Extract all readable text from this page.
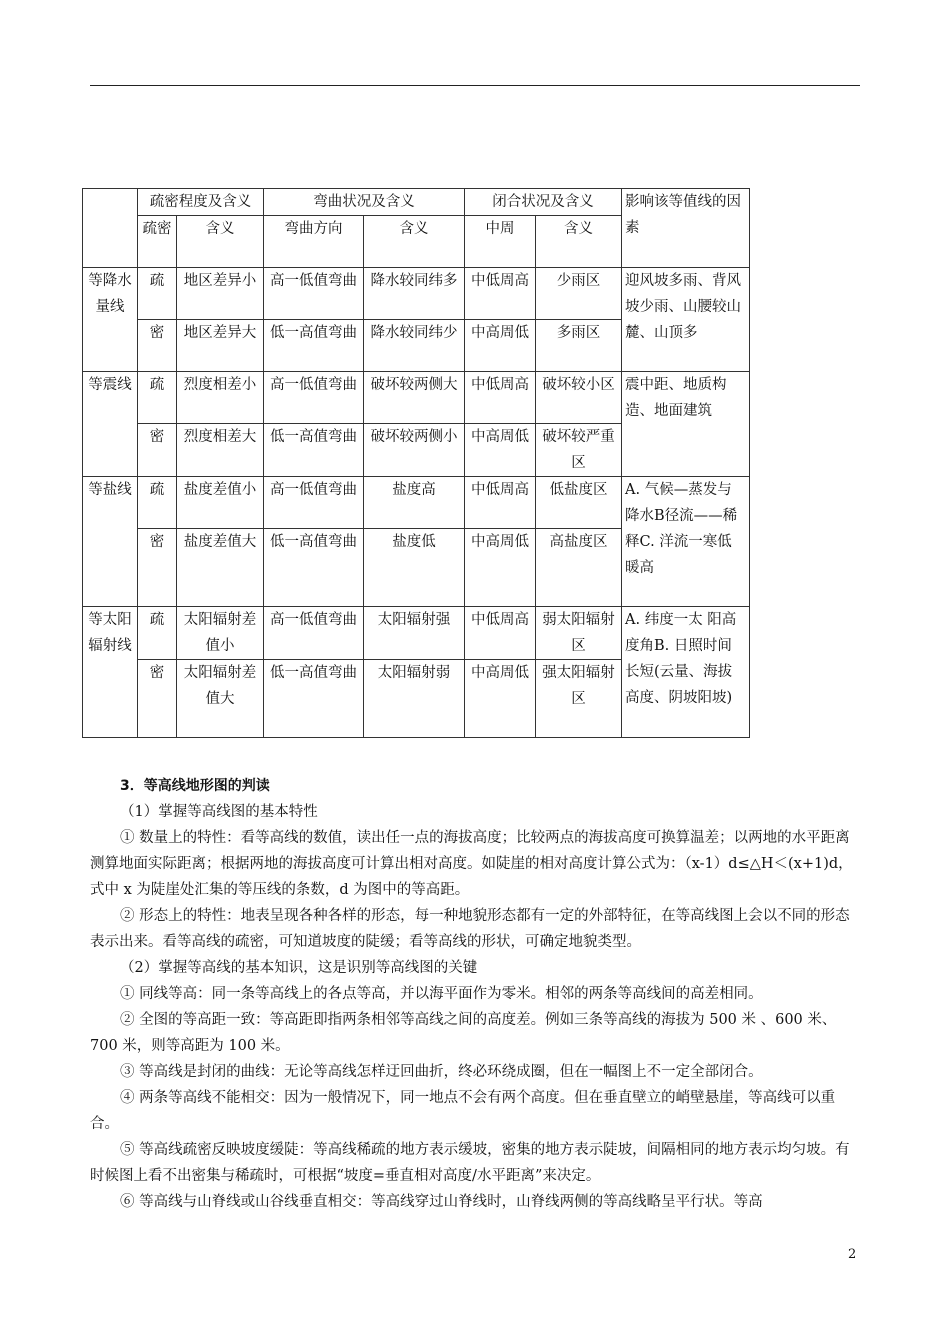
	疏密程度及含义		弯曲状况及含义		闭合状况及含义		影响该等值线的因素
	疏密	含义	弯曲方向	含义	中周	含义	
等降水量线	疏	地区差异小	高一低值弯曲	降水较同纬多	中低周高	少雨区	迎风坡多雨、背风坡少雨、山腰较山麓、山顶多
	密	地区差异大	低一高值弯曲	降水较同纬少	中高周低	多雨区	
等震线	疏	烈度相差小	高一低值弯曲	破坏较两侧大	中低周高	破坏较小区	震中距、地质构造、地面建筑
	密	烈度相差大	低一高值弯曲	破坏较两侧小	中高周低	破坏较严重区	
等盐线	疏	盐度差值小	高一低值弯曲	盐度高	中低周高	低盐度区	A. 气候—蒸发与降水B径流——稀释C. 洋流一寒低暖高
	密	盐度差值大	低一高值弯曲	盐度低	中高周低	高盐度区	
等太阳辐射线	疏	太阳辐射差值小	高一低值弯曲	太阳辐射强	中低周高	弱太阳辐射区	A. 纬度一太 阳高度角B. 日照时间长短(云量、海拔高度、阴坡阳坡)
	密	太阳辐射差值大	低一高值弯曲	太阳辐射弱	中高周低	强太阳辐射区	

3．等高线地形图的判读

（1）掌握等高线图的基本特性

① 数量上的特性：看等高线的数值，读出任一点的海拔高度；比较两点的海拔高度可换算温差；以两地的水平距离测算地面实际距离；根据两地的海拔高度可计算出相对高度。如陡崖的相对高度计算公式为：（x-1）d≤△H＜(x+1)d，式中 x 为陡崖处汇集的等压线的条数，d 为图中的等高距。

② 形态上的特性：地表呈现各种各样的形态，每一种地貌形态都有一定的外部特征，在等高线图上会以不同的形态表示出来。看等高线的疏密，可知道坡度的陡缓；看等高线的形状，可确定地貌类型。

（2）掌握等高线的基本知识，这是识别等高线图的关键

① 同线等高：同一条等高线上的各点等高，并以海平面作为零米。相邻的两条等高线间的高差相同。

② 全图的等高距一致：等高距即指两条相邻等高线之间的高度差。例如三条等高线的海拔为 500 米 、600 米、700 米，则等高距为 100 米。

③ 等高线是封闭的曲线：无论等高线怎样迂回曲折，终必环绕成圈，但在一幅图上不一定全部闭合。

④ 两条等高线不能相交：因为一般情况下，同一地点不会有两个高度。但在垂直壁立的峭壁悬崖，等高线可以重合。

⑤ 等高线疏密反映坡度缓陡：等高线稀疏的地方表示缓坡，密集的地方表示陡坡，间隔相同的地方表示均匀坡。有时候图上看不出密集与稀疏时，可根据“坡度=垂直相对高度/水平距离”来决定。

⑥ 等高线与山脊线或山谷线垂直相交：等高线穿过山脊线时，山脊线两侧的等高线略呈平行状。等高

2
